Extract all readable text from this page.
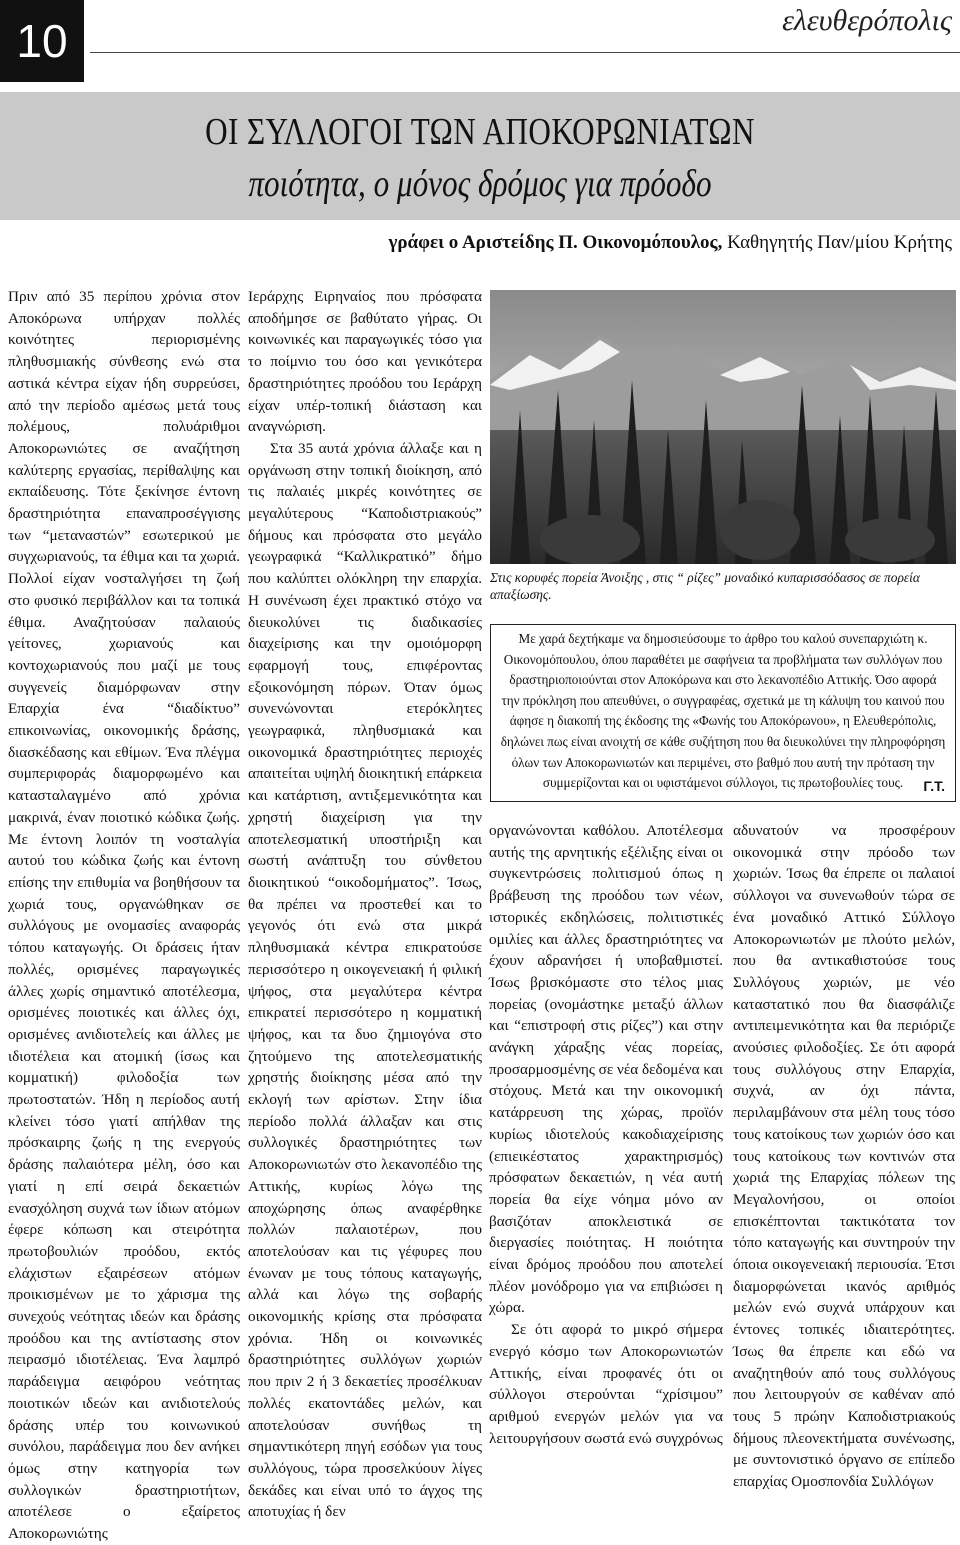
10	ελευθερόπολις
ΟΙ ΣΥΛΛΟΓΟΙ ΤΩΝ ΑΠΟΚΟΡΩΝΙΑΤΩΝ
ποιότητα, ο μόνος δρόμος για πρόοδο
γράφει ο Αριστείδης Π. Οικονομόπουλος, Καθηγητής Παν/μίου Κρήτης

Πριν από 35 περίπου χρόνια στον Αποκόρωνα υπήρχαν πολλές κοινότητες περιορισμένης πληθυσμιακής σύνθεσης ενώ στα αστικά κέντρα είχαν ήδη συρρεύσει, από την περίοδο αμέσως μετά τους πολέμους, πολυάριθμοι Αποκορωνιώτες σε αναζήτηση καλύτερης εργασίας, περίθαλψης και εκπαίδευσης. Τότε ξεκίνησε έντονη δραστηριότητα επαναπροσέγγισης των “μεταναστών” εσωτερικού με συγχωριανούς, τα έθιμα και τα χωριά. Πολλοί είχαν νοσταλγήσει τη ζωή στο φυσικό περιβάλλον και τα τοπικά έθιμα. Αναζητούσαν παλαιούς γείτονες, χωριανούς και κοντοχωριανούς που μαζί με τους συγγενείς διαμόρφωναν στην Επαρχία ένα “διαδίκτυο” επικοινωνίας, οικονομικής δράσης, διασκέδασης και εθίμων. Ένα πλέγμα συμπεριφοράς διαμορφωμένο και κατασταλαγμένο από χρόνια μακρινά, έναν ποιοτικό κώδικα ζωής. Με έντονη λοιπόν τη νοσταλγία αυτού του κώδικα ζωής και έντονη επίσης την επιθυμία να βοηθήσουν τα χωριά τους, οργανώθηκαν σε συλλόγους με ονομασίες αναφοράς τόπου καταγωγής. Οι δράσεις ήταν πολλές, ορισμένες παραγωγικές άλλες χωρίς σημαντικό αποτέλεσμα, ορισμένες ποιοτικές και άλλες όχι, ορισμένες ανιδιοτελείς και άλλες με ιδιοτέλεια και ατομική (ίσως και κομματική) φιλοδοξία των πρωτοστατών. Ήδη η περίοδος αυτή κλείνει τόσο γιατί απήλθαν της πρόσκαιρης ζωής η της ενεργούς δράσης παλαιότερα μέλη, όσο και γιατί η επί σειρά δεκαετιών ενασχόληση συχνά των ίδιων ατόμων έφερε κόπωση και στειρότητα πρωτοβουλιών προόδου, εκτός ελάχιστων εξαιρέσεων ατόμων προικισμένων με το χάρισμα της συνεχούς νεότητας ιδεών και δράσης προόδου και της αντίστασης στον πειρασμό ιδιοτέλειας. Ένα λαμπρό παράδειγμα αειφόρου νεότητας ποιοτικών ιδεών και ανιδιοτελούς δράσης υπέρ του κοινωνικού συνόλου, παράδειγμα που δεν ανήκει όμως στην κατηγορία των συλλογικών δραστηριοτήτων, αποτέλεσε ο εξαίρετος Αποκορωνιώτης

Ιεράρχης Ειρηναίος που πρόσφατα αποδήμησε σε βαθύτατο γήρας. Οι κοινωνικές και παραγωγικές τόσο για το ποίμνιο του όσο και γενικότερα δραστηριότητες προόδου του Ιεράρχη είχαν υπέρ-τοπική διάσταση και αναγνώριση.

Στα 35 αυτά χρόνια άλλαξε και η οργάνωση στην τοπική διοίκηση, από τις παλαιές μικρές κοινότητες σε μεγαλύτερους “Καποδιστριακούς” δήμους και πρόσφατα στο μεγάλο γεωγραφικά “Καλλικρατικό” δήμο που καλύπτει ολόκληρη την επαρχία. Η συνένωση έχει πρακτικό στόχο να διευκολύνει τις διαδικασίες διαχείρισης και την ομοιόμορφη εφαρμογή τους, επιφέροντας εξοικονόμηση πόρων. Όταν όμως συνενώνονται ετερόκλητες γεωγραφικά, πληθυσμιακά και οικονομικά δραστηριότητες περιοχές απαιτείται υψηλή διοικητική επάρκεια και κατάρτιση, αντιξεμενικότητα και χρηστή διαχείριση για την αποτελεσματική υποστήριξη και σωστή ανάπτυξη του σύνθετου διοικητικού “οικοδομήματος”. Ίσως, θα πρέπει να προστεθεί και το γεγονός ότι ενώ στα μικρά πληθυσμιακά κέντρα επικρατούσε περισσότερο η οικογενειακή ή φιλική ψήφος, στα μεγαλύτερα κέντρα επικρατεί περισσότερο η κομματική ψήφος, και τα δυο ζημιογόνα στο ζητούμενο της αποτελεσματικής χρηστής διοίκησης μέσα από την εκλογή των αρίστων. Στην ίδια περίοδο πολλά άλλαξαν και στις συλλογικές δραστηριότητες των Αποκορωνιωτών στο λεκανοπέδιο της Αττικής, κυρίως λόγω της αποχώρησης όπως αναφέρθηκε πολλών παλαιοτέρων, που αποτελούσαν και τις γέφυρες που ένωναν με τους τόπους καταγωγής, αλλά και λόγω της σοβαρής οικονομικής κρίσης στα πρόσφατα χρόνια. Ήδη οι κοινωνικές δραστηριότητες συλλόγων χωριών που πριν 2 ή 3 δεκαετίες προσέλκυαν πολλές εκατοντάδες μελών, και αποτελούσαν συνήθως τη σημαντικότερη πηγή εσόδων για τους συλλόγους, τώρα προσελκύουν λίγες δεκάδες και είναι υπό το άγχος της αποτυχίας ή δεν

Στις κορυφές πορεία Άνοιξης , στις “ ρίζες” μοναδικό κυπαρισσόδασος σε πορεία απαξίωσης.
Με χαρά δεχτήκαμε να δημοσιεύσουμε το άρθρο του καλού συνεπαρχιώτη κ. Οικονομόπουλου, όπου παραθέτει με σαφήνεια τα προβλήματα των συλλόγων που δραστηριοποιούνται στον Αποκόρωνα και στο λεκανοπέδιο Αττικής. Όσο αφορά την πρόκληση που απευθύνει, ο συγγραφέας, σχετικά με τη κάλυψη του καινού που άφησε η διακοπή της έκδοσης της «Φωνής του Αποκόρωνου», η Ελευθερόπολις, δηλώνει πως είναι ανοιχτή σε κάθε συζήτηση που θα διευκολύνει την πληροφόρηση όλων των Αποκορωνιωτών και περιμένει, στο βαθμό που αυτή την πρόταση την συμμερίζονται και οι υφιστάμενοι σύλλογοι, τις πρωτοβουλίες τους. Γ.Τ.

οργανώνονται καθόλου. Αποτέλεσμα αυτής της αρνητικής εξέλιξης είναι οι συγκεντρώσεις πολιτισμού όπως η βράβευση της προόδου των νέων, ιστορικές εκδηλώσεις, πολιτιστικές ομιλίες και άλλες δραστηριότητες να έχουν αδρανήσει ή υποβαθμιστεί. Ίσως βρισκόμαστε στο τέλος μιας πορείας (ονομάστηκε μεταξύ άλλων και “επιστροφή στις ρίζες”) και στην ανάγκη χάραξης νέας πορείας, προσαρμοσμένης σε νέα δεδομένα και στόχους. Μετά και την οικονομική κατάρρευση της χώρας, προϊόν κυρίως ιδιοτελούς κακοδιαχείρισης (επιεικέστατος χαρακτηρισμός) πρόσφατων δεκαετιών, η νέα αυτή πορεία θα είχε νόημα μόνο αν βασιζόταν αποκλειστικά σε διεργασίες ποιότητας. Η ποιότητα είναι δρόμος προόδου που αποτελεί πλέον μονόδρομο για να επιβιώσει η χώρα.

Σε ότι αφορά το μικρό σήμερα ενεργό κόσμο των Αποκορωνιωτών Αττικής, είναι προφανές ότι οι σύλλογοι στερούνται “χρίσιμου” αριθμού ενεργών μελών για να λειτουργήσουν σωστά ενώ συγχρόνως

αδυνατούν να προσφέρουν οικονομικά στην πρόοδο των χωριών. Ίσως θα έπρεπε οι παλαιοί σύλλογοι να συνενωθούν τώρα σε ένα μοναδικό Αττικό Σύλλογο Αποκορωνιωτών με πλούτο μελών, που θα αντικαθιστούσε τους Συλλόγους χωριών, με νέο καταστατικό που θα διασφάλιζε αντιπειμενικότητα και θα περιόριζε ανούσιες φιλοδοξίες. Σε ότι αφορά τους συλλόγους στην Επαρχία, συχνά, αν όχι πάντα, περιλαμβάνουν στα μέλη τους τόσο τους κατοίκους των χωριών όσο και τους κατοίκους των κοντινών στα χωριά της Επαρχίας πόλεων της Μεγαλονήσου, οι οποίοι επισκέπτονται τακτικότατα τον τόπο καταγωγής και συντηρούν την όποια οικογενειακή περιουσία. Έτσι διαμορφώνεται ικανός αριθμός μελών ενώ συχνά υπάρχουν και έντονες τοπικές ιδιαιτερότητες. Ίσως θα έπρεπε και εδώ να αναζητηθούν από τους συλλόγους που λειτουργούν σε καθέναν από τους 5 πρώην Καποδιστριακούς δήμους πλεονεκτήματα συνένωσης, με συντονιστικό όργανο σε επίπεδο επαρχίας Ομοσπονδία Συλλόγων
